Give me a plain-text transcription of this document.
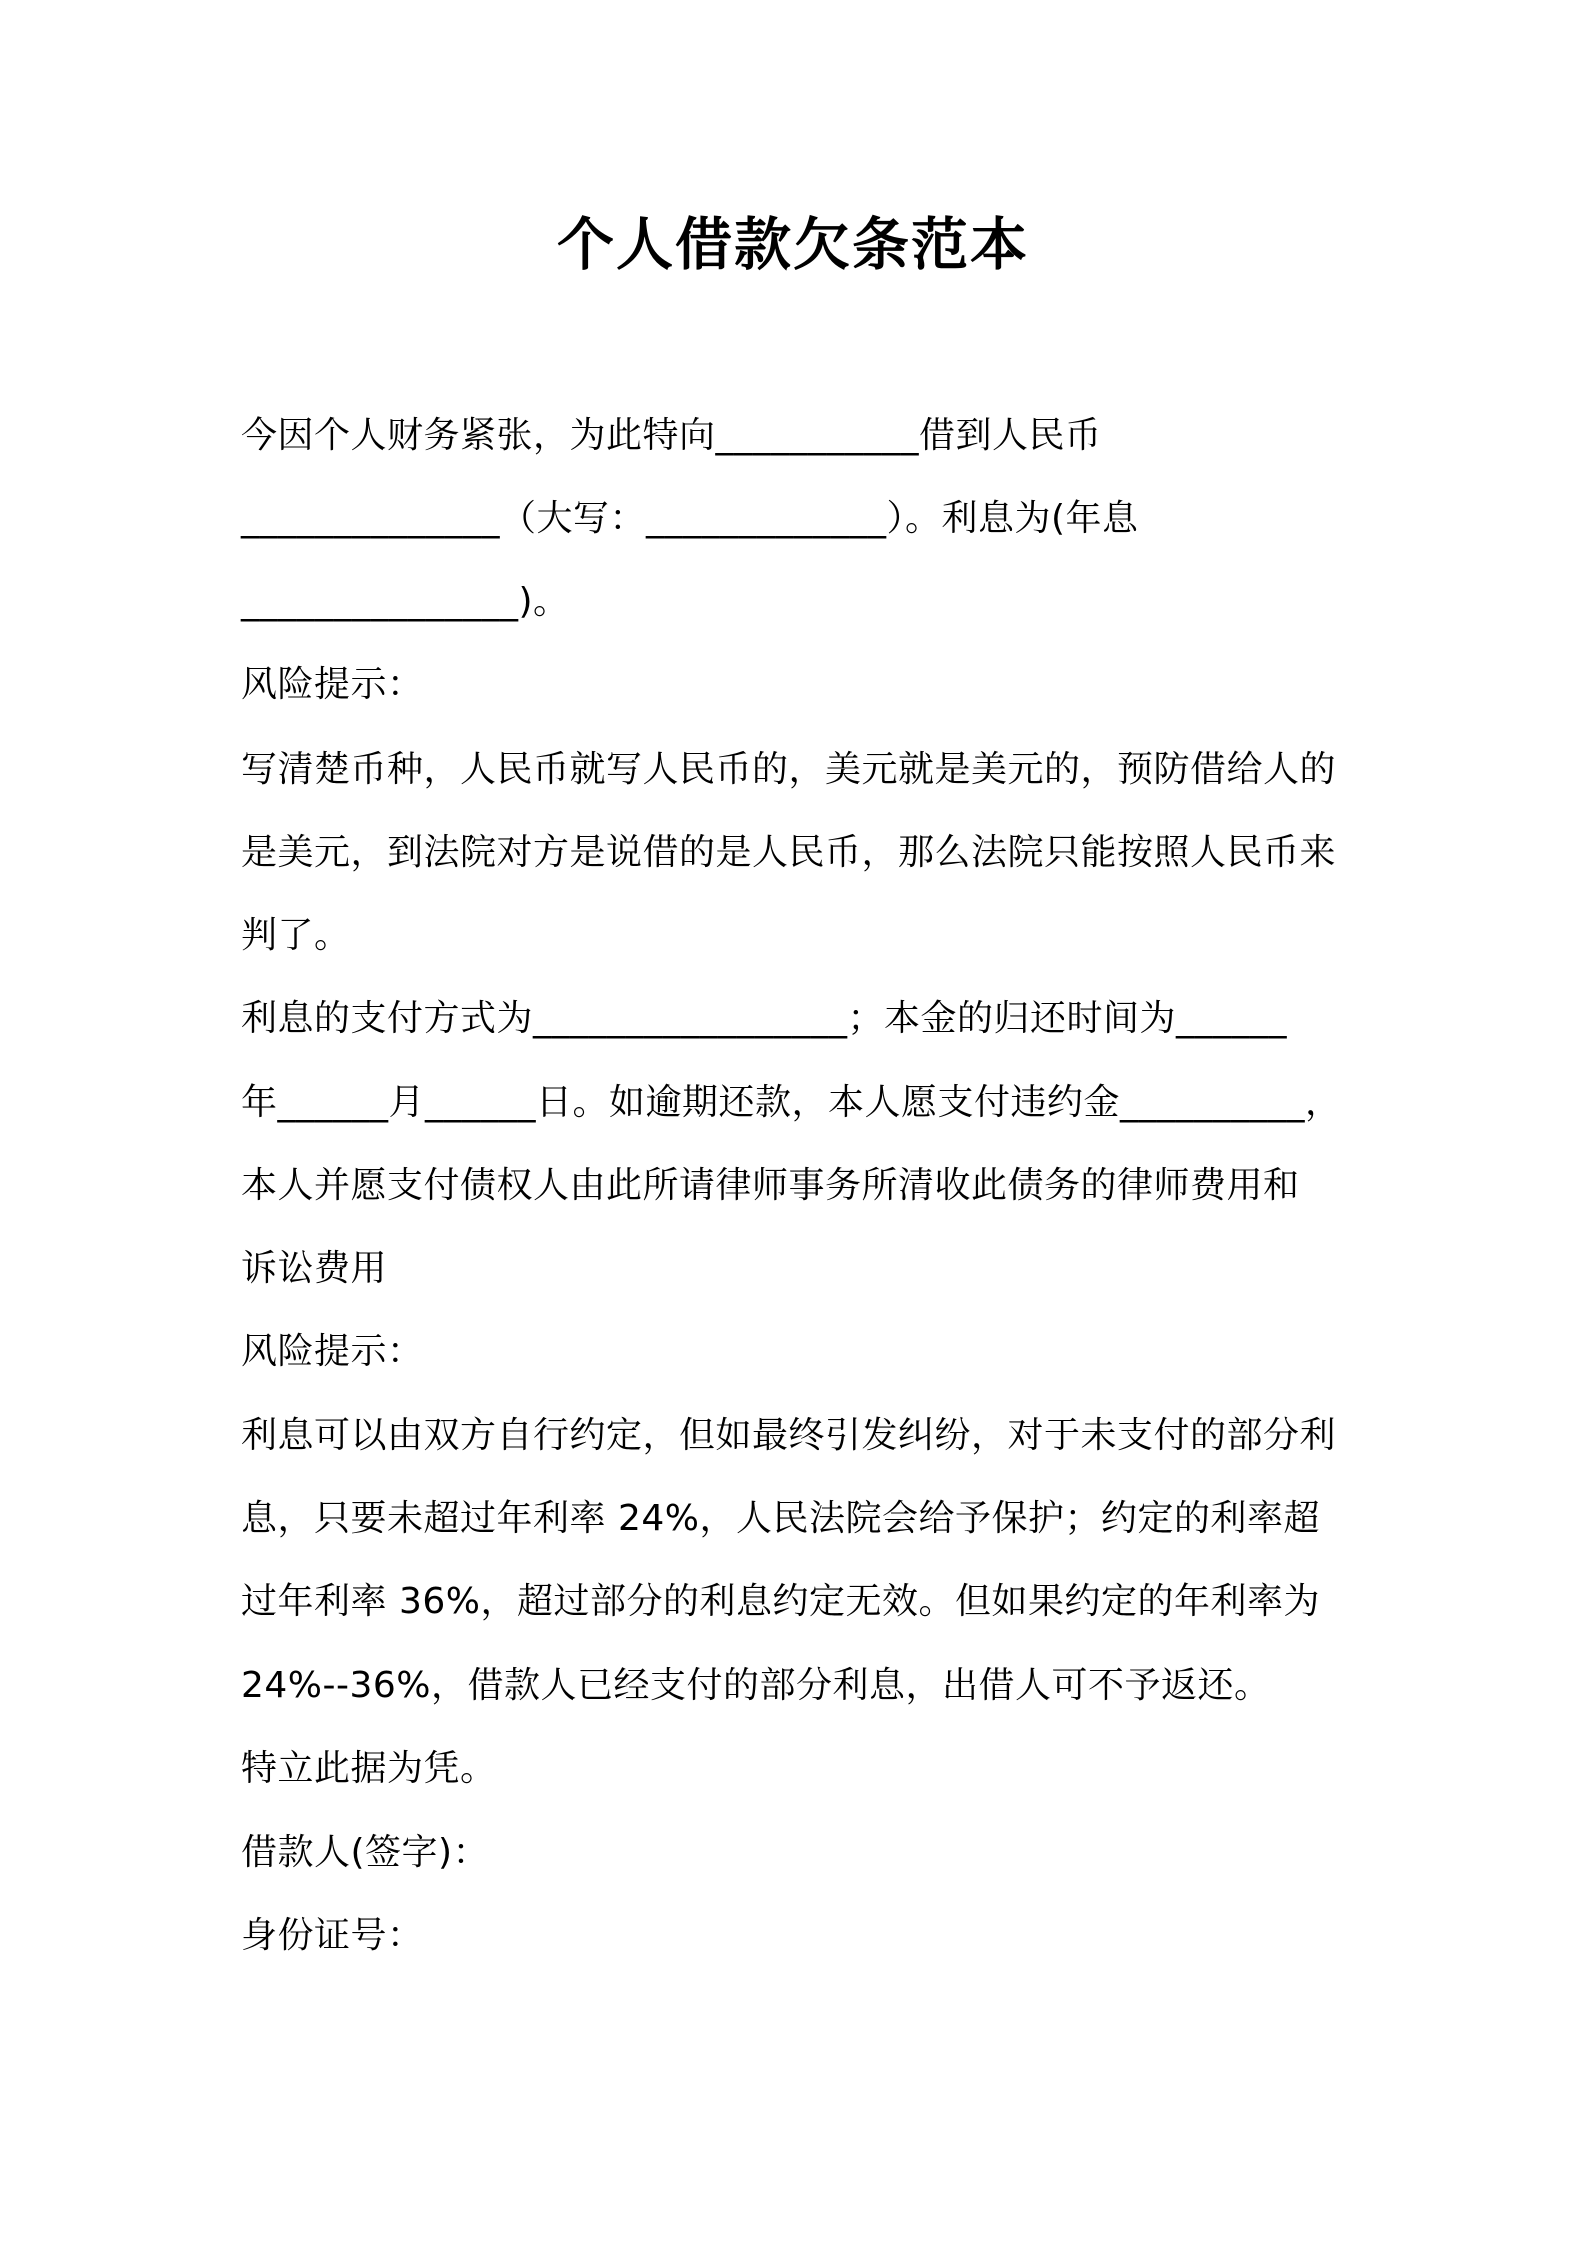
个人借款欠条范本

今因个人财务紧张，为此特向___________借到人民币

______________（大写：_____________）。利息为(年息

_______________)。

风险提示：

写清楚币种，人民币就写人民币的，美元就是美元的，预防借给人的

是美元，到法院对方是说借的是人民币，那么法院只能按照人民币来

判了。

利息的支付方式为_________________；本金的归还时间为______

年______月______日。如逾期还款，本人愿支付违约金__________，

本人并愿支付债权人由此所请律师事务所清收此债务的律师费用和

诉讼费用

风险提示：

利息可以由双方自行约定，但如最终引发纠纷，对于未支付的部分利

息，只要未超过年利率 24%，人民法院会给予保护；约定的利率超

过年利率 36%，超过部分的利息约定无效。但如果约定的年利率为

24%--36%，借款人已经支付的部分利息，出借人可不予返还。

特立此据为凭。

借款人(签字)：

身份证号：
